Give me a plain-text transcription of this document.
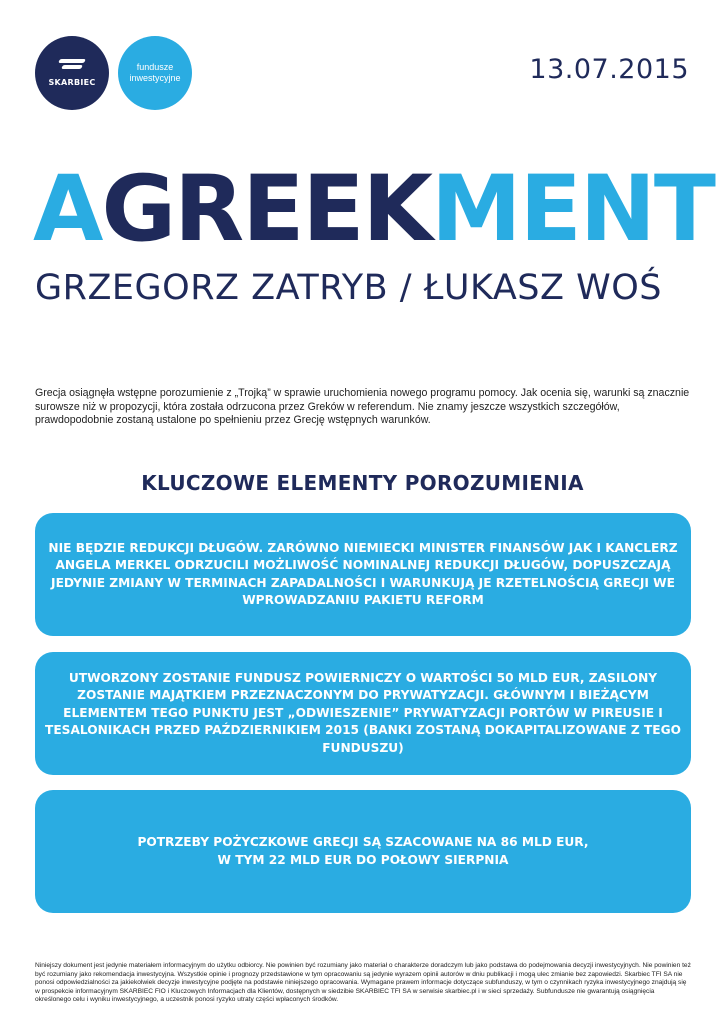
SKARBIEC
fundusze
inwestycyjne	13.07.2015
AGREEKMENT
GRZEGORZ ZATRYB / ŁUKASZ WOŚ

Grecja osiągnęła wstępne porozumienie z „Trojką” w sprawie uruchomienia nowego programu pomocy. Jak ocenia się, warunki są znacznie surowsze niż w propozycji, która została odrzucona przez Greków w referendum. Nie znamy jeszcze wszystkich szczegółów, prawdopodobnie zostaną ustalone po spełnieniu przez Grecję wstępnych warunków.

KLUCZOWE ELEMENTY POROZUMIENIA

NIE BĘDZIE REDUKCJI DŁUGÓW. ZARÓWNO NIEMIECKI MINISTER FINANSÓW JAK I KANCLERZ ANGELA MERKEL ODRZUCILI MOŻLIWOŚĆ NOMINALNEJ REDUKCJI DŁUGÓW, DOPUSZCZAJĄ JEDYNIE ZMIANY W TERMINACH ZAPADALNOŚCI I WARUNKUJĄ JE RZETELNOŚCIĄ GRECJI WE WPROWADZANIU PAKIETU REFORM

UTWORZONY ZOSTANIE FUNDUSZ POWIERNICZY O WARTOŚCI 50 MLD EUR, ZASILONY ZOSTANIE MAJĄTKIEM PRZEZNACZONYM DO PRYWATYZACJI. GŁÓWNYM I BIEŻĄCYM ELEMENTEM TEGO PUNKTU JEST „ODWIESZENIE” PRYWATYZACJI PORTÓW W PIREUSIE I TESALONIKACH PRZED PAŹDZIERNIKIEM 2015 (BANKI ZOSTANĄ DOKAPITALIZOWANE Z TEGO FUNDUSZU)

POTRZEBY POŻYCZKOWE GRECJI SĄ SZACOWANE NA 86 MLD EUR,
W TYM 22 MLD EUR DO POŁOWY SIERPNIA

Niniejszy dokument jest jedynie materiałem informacyjnym do użytku odbiorcy. Nie powinien być rozumiany jako materiał o charakterze doradczym lub jako podstawa do podejmowania decyzji inwestycyjnych. Nie powinien też być rozumiany jako rekomendacja inwestycyjna. Wszystkie opinie i prognozy przedstawione w tym opracowaniu są jedynie wyrazem opinii autorów w dniu publikacji i mogą ulec zmianie bez zapowiedzi. Skarbiec TFI SA nie ponosi odpowiedzialności za jakiekolwiek decyzje inwestycyjne podjęte na podstawie niniejszego opracowania. Wymagane prawem informacje dotyczące subfunduszy, w tym o czynnikach ryzyka inwestycyjnego znajdują się w prospekcie informacyjnym SKARBIEC FIO i Kluczowych Informacjach dla Klientów, dostępnych w siedzibie SKARBIEC TFI SA w serwisie skarbiec.pl i w sieci sprzedaży. Subfundusze nie gwarantują osiągnięcia określonego celu i wyniku inwestycyjnego, a uczestnik ponosi ryzyko utraty części wpłaconych środków.
